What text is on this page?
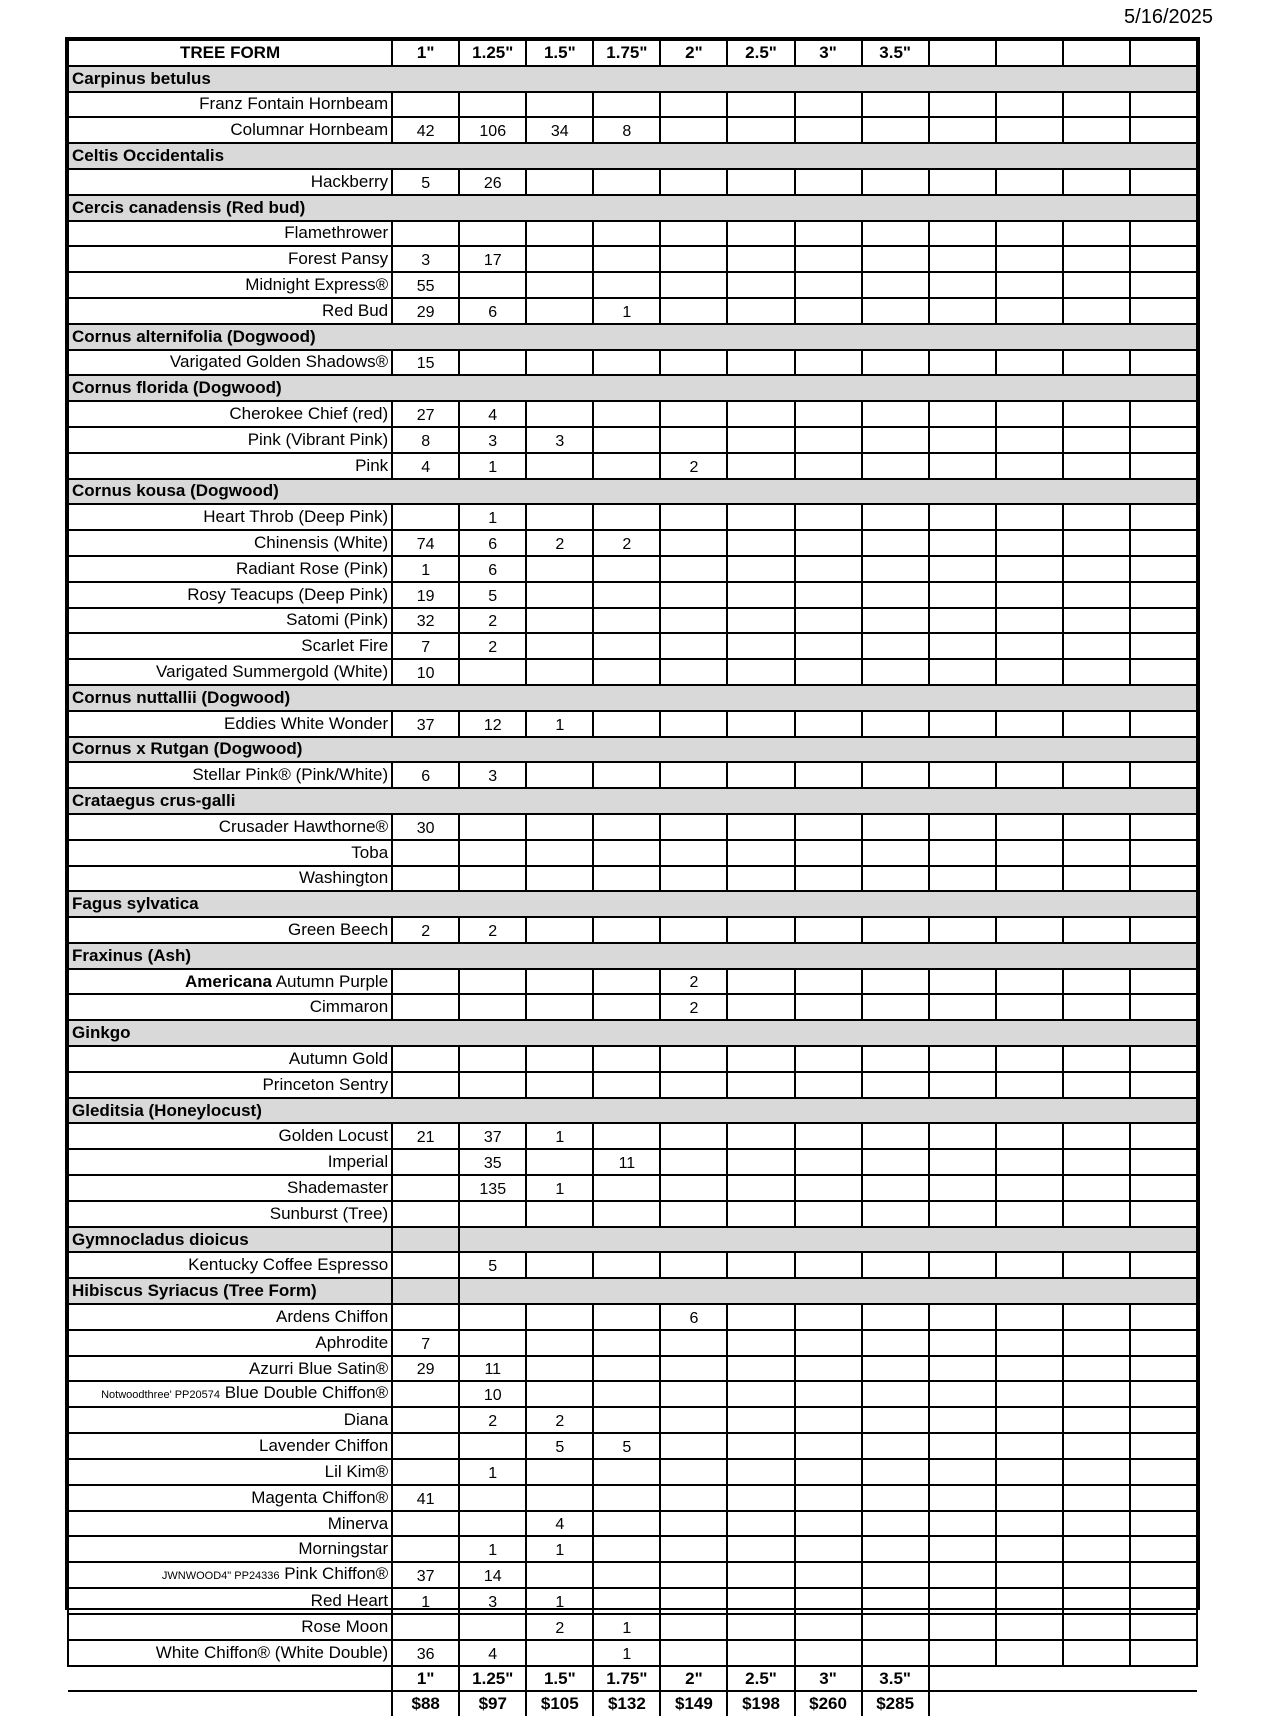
5/16/2025
TREE FORM	1"	1.25"	1.5"	1.75"	2"	2.5"	3"	3.5"				
Carpinus betulus												
Franz Fontain Hornbeam												
Columnar Hornbeam	42	106	34	8								
Celtis Occidentalis												
Hackberry	5	26										
Cercis canadensis (Red bud)												
Flamethrower												
Forest Pansy	3	17										
Midnight Express®	55											
Red Bud	29	6		1								
Cornus alternifolia (Dogwood)												
Varigated Golden Shadows®	15											
Cornus florida (Dogwood)												
Cherokee Chief (red)	27	4										
Pink (Vibrant Pink)	8	3	3									
Pink	4	1			2							
Cornus kousa (Dogwood)												
Heart Throb (Deep Pink)		1										
Chinensis (White)	74	6	2	2								
Radiant Rose (Pink)	1	6										
Rosy Teacups (Deep Pink)	19	5										
Satomi (Pink)	32	2										
Scarlet Fire	7	2										
Varigated Summergold (White)	10											
Cornus nuttallii (Dogwood)												
Eddies White Wonder	37	12	1									
Cornus x Rutgan (Dogwood)												
Stellar Pink® (Pink/White)	6	3										
Crataegus crus-galli												
Crusader Hawthorne®	30											
Toba												
Washington												
Fagus sylvatica												
Green Beech	2	2										
Fraxinus (Ash)												
Americana Autumn Purple					2							
Cimmaron					2							
Ginkgo												
Autumn Gold												
Princeton Sentry												
Gleditsia (Honeylocust)												
Golden Locust	21	37	1									
Imperial		35		11								
Shademaster		135	1									
Sunburst (Tree)												
Gymnocladus dioicus												
Kentucky Coffee Espresso		5										
Hibiscus Syriacus (Tree Form)												
Ardens Chiffon					6							
Aphrodite	7											
Azurri Blue Satin®	29	11										
Notwoodthree' PP20574 Blue Double Chiffon®		10										
Diana		2	2									
Lavender Chiffon			5	5								
Lil Kim®		1										
Magenta Chiffon®	41											
Minerva			4									
Morningstar		1	1									
JWNWOOD4" PP24336 Pink Chiffon®	37	14										
Red Heart	1	3	1									
Rose Moon			2	1								
White Chiffon® (White Double)	36	4		1								
	1"	1.25"	1.5"	1.75"	2"	2.5"	3"	3.5"				
	$88	$97	$105	$132	$149	$198	$260	$285				
